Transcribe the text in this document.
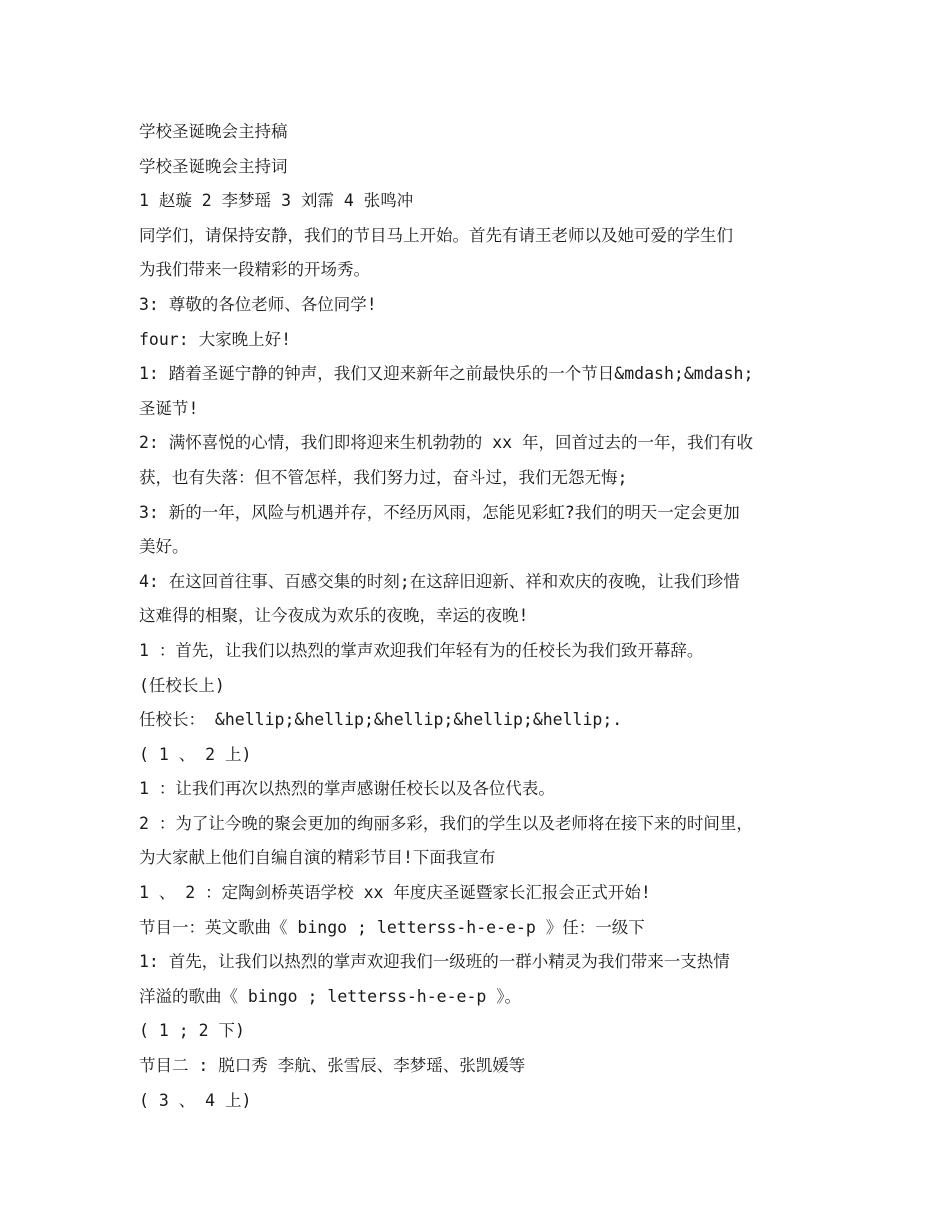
学校圣诞晚会主持稿
学校圣诞晚会主持词
1 赵璇 2 李梦瑶 3 刘霈 4 张鸣冲
同学们，请保持安静，我们的节目马上开始。首先有请王老师以及她可爱的学生们
为我们带来一段精彩的开场秀。
3: 尊敬的各位老师、各位同学!
four: 大家晚上好!
1: 踏着圣诞宁静的钟声，我们又迎来新年之前最快乐的一个节日&mdash;&mdash;
圣诞节!
2: 满怀喜悦的心情，我们即将迎来生机勃勃的 xx 年，回首过去的一年，我们有收
获，也有失落：但不管怎样，我们努力过，奋斗过，我们无怨无悔;
3: 新的一年，风险与机遇并存，不经历风雨，怎能见彩虹?我们的明天一定会更加
美好。
4: 在这回首往事、百感交集的时刻;在这辞旧迎新、祥和欢庆的夜晚，让我们珍惜
这难得的相聚，让今夜成为欢乐的夜晚，幸运的夜晚!
1 ：首先，让我们以热烈的掌声欢迎我们年轻有为的任校长为我们致开幕辞。
(任校长上)
任校长： &hellip;&hellip;&hellip;&hellip;&hellip;.
( 1 、 2 上)
1 ：让我们再次以热烈的掌声感谢任校长以及各位代表。
2 ：为了让今晚的聚会更加的绚丽多彩，我们的学生以及老师将在接下来的时间里，
为大家献上他们自编自演的精彩节目!下面我宣布
1 、 2 ：定陶剑桥英语学校 xx 年度庆圣诞暨家长汇报会正式开始!
节目一：英文歌曲《 bingo ; letterss-h-e-e-p 》任：一级下
1: 首先，让我们以热烈的掌声欢迎我们一级班的一群小精灵为我们带来一支热情
洋溢的歌曲《 bingo ; letterss-h-e-e-p 》。
( 1 ; 2 下)
节目二 : 脱口秀 李航、张雪辰、李梦瑶、张凯媛等
( 3 、 4 上)
